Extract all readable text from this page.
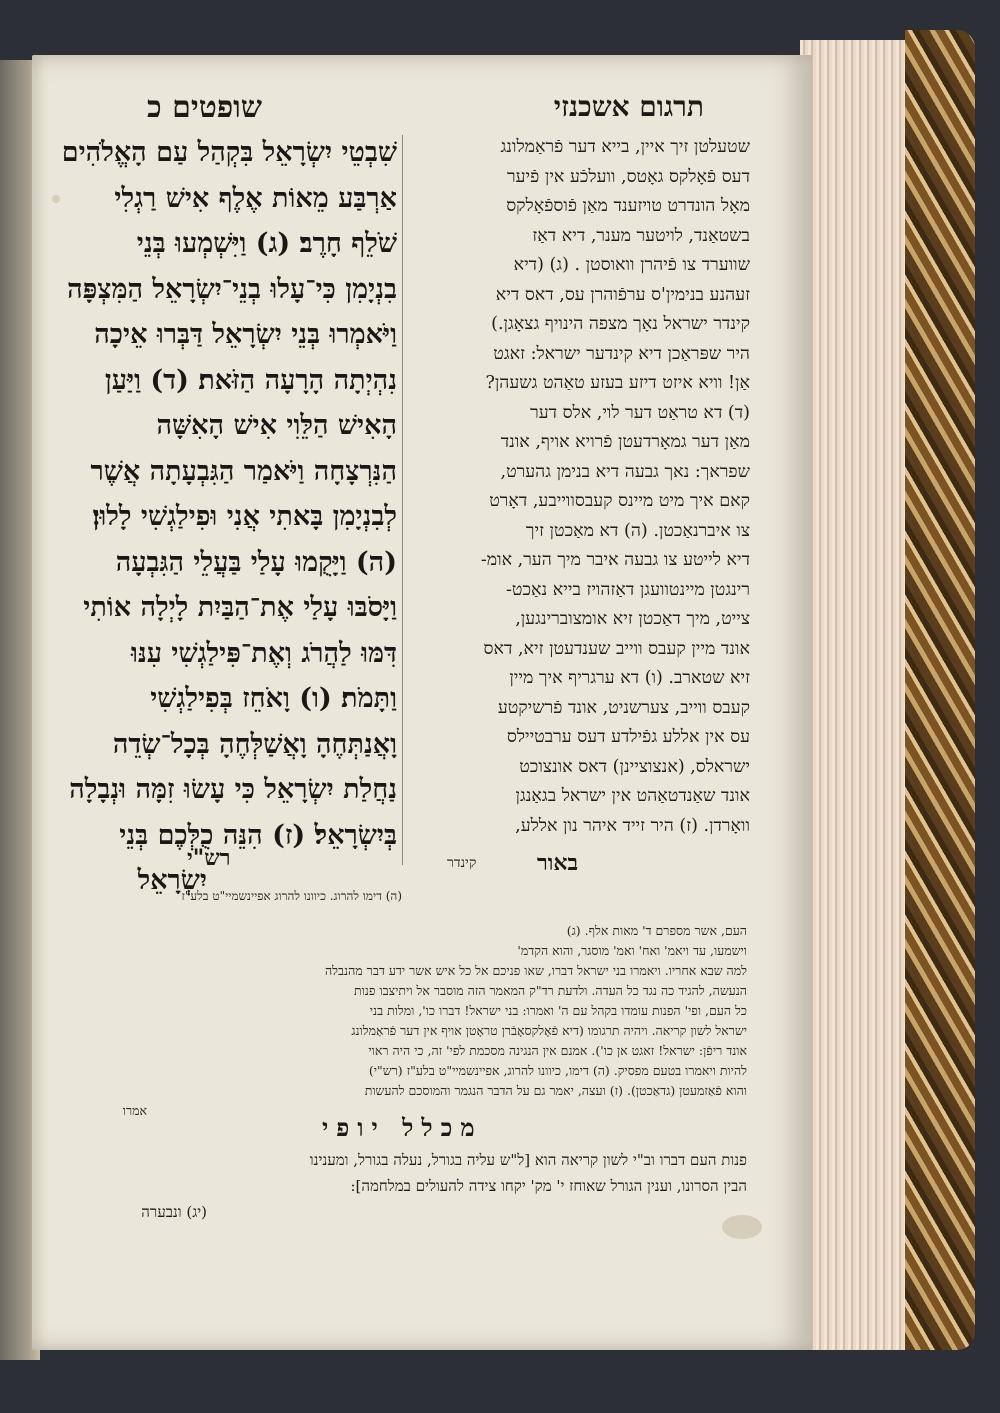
תרגום אשכנזי
שופטים כ
שטעלטן זיך איין, בייא דער פֿראַמלונג
דעס פֿאָלקס גאָטס, וועלכֿע אין פֿיער
מאָל הונדרט טויזענד מאַן פֿוספֿאָלקס
בשטאַנד, לויטער מענר, דיא דאַז
שווערד צו פֿיהרן וואוסטן . (ג) (דיא
זעהנע בנימין'ס ערפֿוהרן עס, דאס דיא
קינדר ישראל נאָך מצפה הינויף גצאָגן.)
היר שפּראַכן דיא קינדער ישראל: זאגט
אַן! וויא איזט דיזע בעזע טאַהט גשעהן?
(ד) דא טראַט דער לוי, אלס דער
מאַן דער גמאָרדעטן פֿרויא אויף, אונד
שפראך: נאך גבעה דיא בנימן גהערט,
קאם איך מיט מיינס קעבסווייבע, דאָרט
צו איברנאַכטן. (ה) דא מאַכטן זיך
דיא לייטע צו גבעה איבר מיך הער, אומ-
רינגטן מיינטוועגן דאַזהויז בייא נאַכט-
צייט, מיך דאַכטן זיא אומצוברינגען,
אונד מיין קעבס ווייב שענדעטן זיא, דאס
זיא שטארב. (ו) דא ערגריף איך מיין
קעבס ווייב, צערשניט, אונד פֿרשיקטע
עס אין אללע גפֿילדע דעס ערבטיילס
ישראלס, (אנצוציינן) דאס אונצוכט
אונד שאַנדטאַהט אין ישראל בגאַנגן
וואָרדן. (ז) היר זייד איהר נון אללע,
שִׁבְטֵי יִשְׂרָאֵל בִּקְהַל עַם הָאֱלֹהִים
אַרְבַּע מֵאוֹת אֶלֶף אִישׁ רַגְלִי
שֹׁלֵף חָרֶב׃ (ג) וַיִּשְׁמְעוּ בְּנֵי
בִנְיָמִן כִּי־עָלוּ בְנֵי־יִשְׂרָאֵל הַמִּצְפָּה
וַיֹּאמְרוּ בְּנֵי יִשְׂרָאֵל דַּבְּרוּ אֵיכָה
נִהְיְתָה הָרָעָה הַזֹּאת׃ (ד) וַיַּעַן
הָאִישׁ הַלֵּוִי אִישׁ הָאִשָּׁה
הַנִּרְצָחָה וַיֹּאמַר הַגִּבְעָתָה אֲשֶׁר
לְבִנְיָמִן בָּאתִי אֲנִי וּפִילַגְשִׁי לָלוּן׃
(ה) וַיָּקֻמוּ עָלַי בַּעֲלֵי הַגִּבְעָה
וַיָּסֹבּוּ עָלַי אֶת־הַבַּיִת לָיְלָה אוֹתִי
דִּמּוּ לַהֲרֹג וְאֶת־פִּילַגְשִׁי עִנּוּ
וַתָּמֹת׃ (ו) וָאֹחֵז בְּפִילַגְשִׁי
וָאֲנַתְּחֶהָ וָאֲשַׁלְּחֶהָ בְּכָל־שְׂדֵה
נַחֲלַת יִשְׂרָאֵל כִּי עָשׂוּ זִמָּה וּנְבָלָה
בְּיִשְׂרָאֵל׃ (ז) הִנֵּה כֻלְּכֶם בְּנֵי
יִשְׂרָאֵל
באור
קינדר
רש"י
(ה) דימו להרוג. כיוונו להרוג אפיינשמיי"ט בלע"ז
העם, אשר מספרם ד' מאות אלף. (ג)
וישמעו, עד ויאמ' ואח' ואמ' מוסגר, והוא הקדמ'
למה שבא אחריו. ויאמרו בני ישראל דברו, שאו פניכם אל כל איש אשר ידע דבר מהנבלה
הנעשה, להגיד כה נגד כל העדה. ולדעת רד"ק המאמר הזה מוסבר אל ויתיצבו פנות
כל העם, ופי' הפנות עומדו בקהל עם ה' ואמרו: בני ישראל! דברו כו', ומלות בני
ישראל לשון קריאה. ויהיה תרגומו (דיא פֿאָלקסאָבֿרן טראָטן אויף אין דער פֿראַמלונג
אונד ריפֿן: ישראל! זאגט אן כו'). אמנם אין הנגינה מסכמת לפי' זה, כי היה ראוי
להיות ויאמרו בטעם מפסיק. (ה) דימו, כיוונו להרוג, אפיינשמיי"ט בלע"ז (רש"י)
והוא פֿאַזמעטן (גדאַכטן). (ז) ועצה, יאמר גם על הדבר הנגמר והמוסכם להעשות
אמרו
מכלל יופי
פנות העם דברו וב"י לשון קריאה הוא [ל"ש עליה בגורל, נעלה בגורל, ומענינו
הבין הסרונו, וענין הגורל שאוחז י' מק' יקחו צידה להעולים במלחמה]:
(יג) ונבערה
